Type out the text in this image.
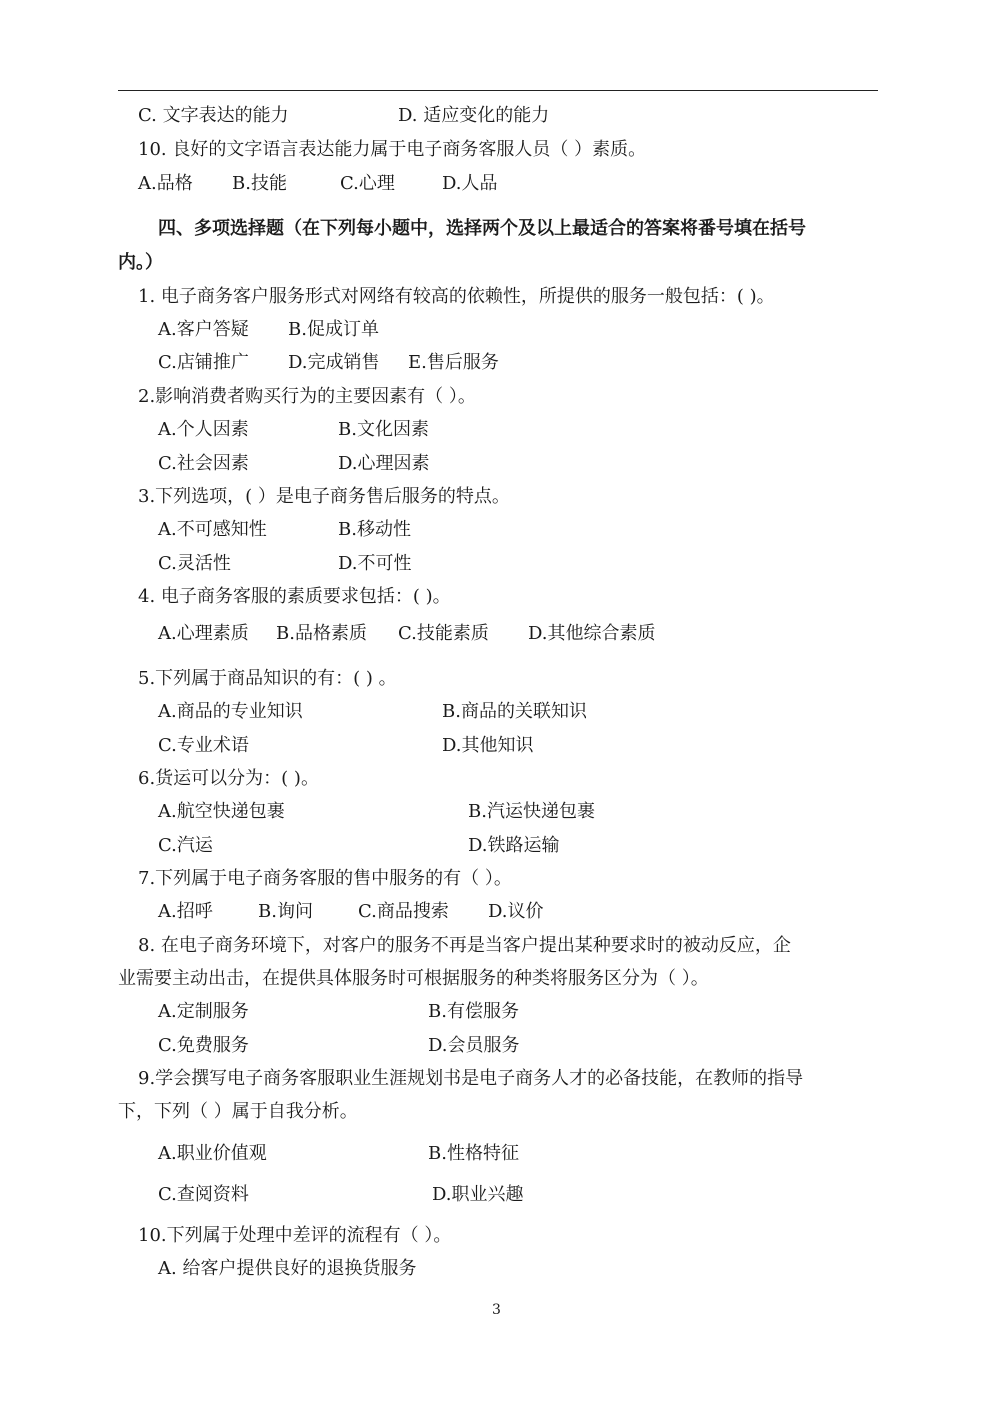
C. 文字表达的能力	D. 适应变化的能力
10. 良好的文字语言表达能力属于电子商务客服人员（ ）素质。
A.品格 B.技能	C.心理	D.人品
四、多项选择题（在下列每小题中，选择两个及以上最适合的答案将番号填在括号
内。）
1. 电子商务客户服务形式对网络有较高的依赖性，所提供的服务一般包括：( )。
A.客户答疑 B.促成订单
C.店铺推广 D.完成销售 E.售后服务
2.影响消费者购买行为的主要因素有（ ）。
A.个人因素	B.文化因素
C.社会因素	D.心理因素
3.下列选项，( ）是电子商务售后服务的特点。
A.不可感知性	B.移动性
C.灵活性	D.不可性
4. 电子商务客服的素质要求包括：( )。
A.心理素质 B.品格素质 C.技能素质 D.其他综合素质
5.下列属于商品知识的有：( ) 。
A.商品的专业知识	B.商品的关联知识
C.专业术语	D.其他知识
6.货运可以分为：( )。
A.航空快递包裹	B.汽运快递包裹
C.汽运	D.铁路运输
7.下列属于电子商务客服的售中服务的有（ ）。
A.招呼	B.询问	C.商品搜索 D.议价
8. 在电子商务环境下，对客户的服务不再是当客户提出某种要求时的被动反应，企
业需要主动出击，在提供具体服务时可根据服务的种类将服务区分为（ ）。
A.定制服务	B.有偿服务
C.免费服务	D.会员服务
9.学会撰写电子商务客服职业生涯规划书是电子商务人才的必备技能，在教师的指导
下，下列（ ）属于自我分析。
A.职业价值观	B.性格特征
C.查阅资料	D.职业兴趣
10.下列属于处理中差评的流程有（ ）。
A. 给客户提供良好的退换货服务
3
